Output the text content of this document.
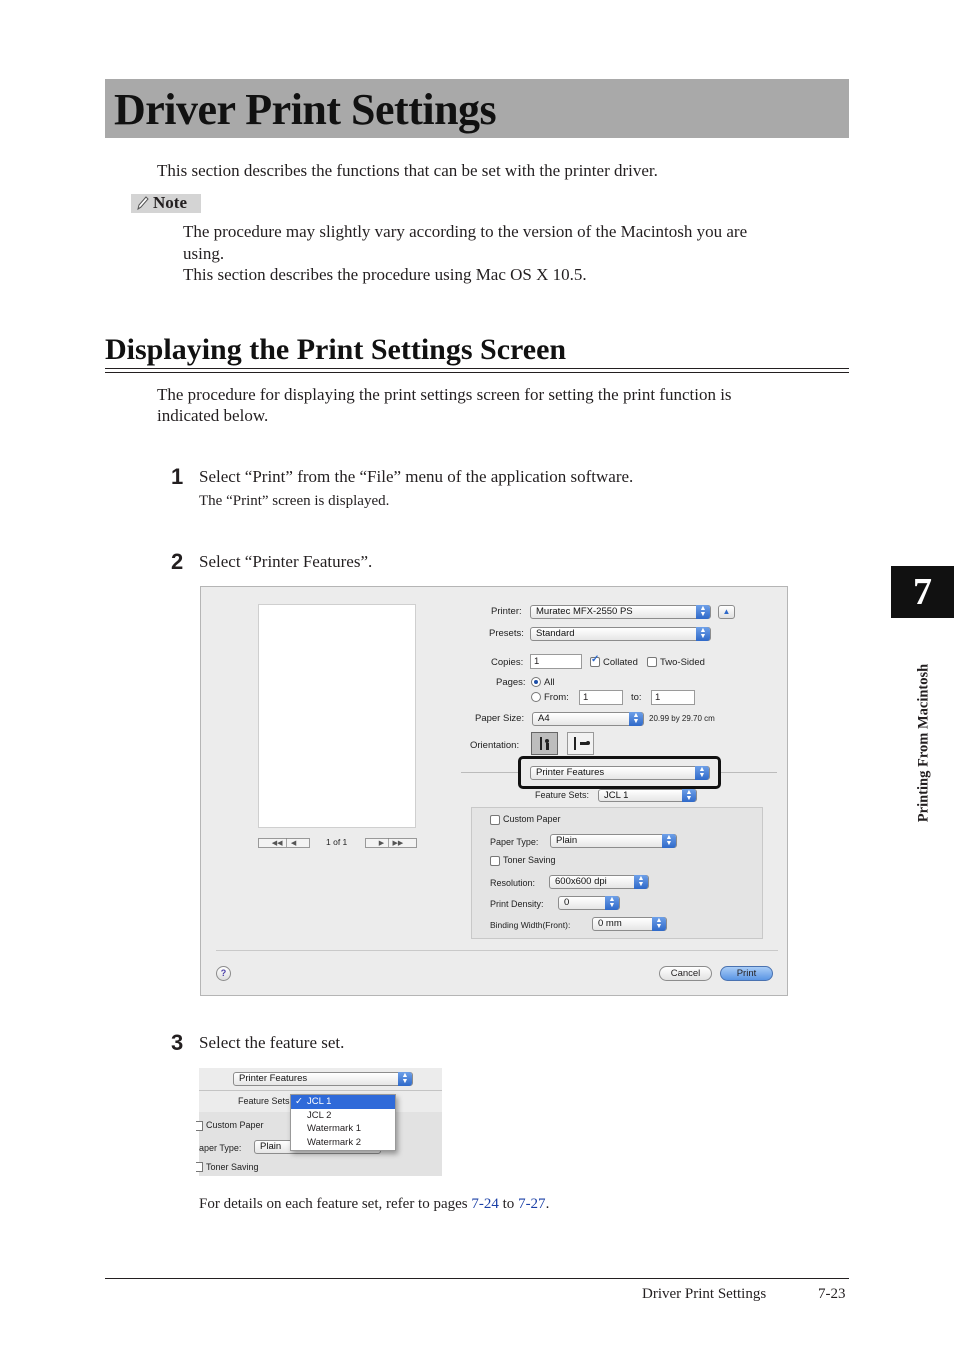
Driver Print Settings
This section describes the functions that can be set with the printer driver.
Note
The procedure may slightly vary according to the version of the Macintosh you are
using.
This section describes the procedure using Mac OS X 10.5.
Displaying the Print Settings Screen
The procedure for displaying the print settings screen for setting the print function is
indicated below.
1 Select “Print” from the “File” menu of the application software.
The “Print” screen is displayed.
2 Select “Printer Features”.
◀◀ │ ◀	1 of 1	▶ │ ▶▶
Printer:	Muratec MFX-2550 PS	▲
▼	▲
Presets:	Standard	▲
▼
Copies:	1	✓ Collated Two-Sided
Pages: All
From:	1	to:	1
Paper Size:	A4	▲
▼	20.99 by 29.70 cm
Orientation:
Printer Features	▲
▼
Feature Sets:	JCL 1	▲
▼
Custom Paper
Paper Type:	Plain	▲
▼
Toner Saving
Resolution:	600x600 dpi	▲
▼
Print Density:	0	▲
▼
Binding Width(Front):	0 mm	▲
▼
?	Cancel	Print
3 Select the feature set.
Printer Features	▲
▼
Feature Sets
Custom Paper
aper Type:	Plain
Toner Saving
✓ JCL 1
JCL 2
Watermark 1
Watermark 2
For details on each feature set, refer to pages 7-24 to 7-27.
7
Printing From Macintosh
Driver Print Settings	7-23
